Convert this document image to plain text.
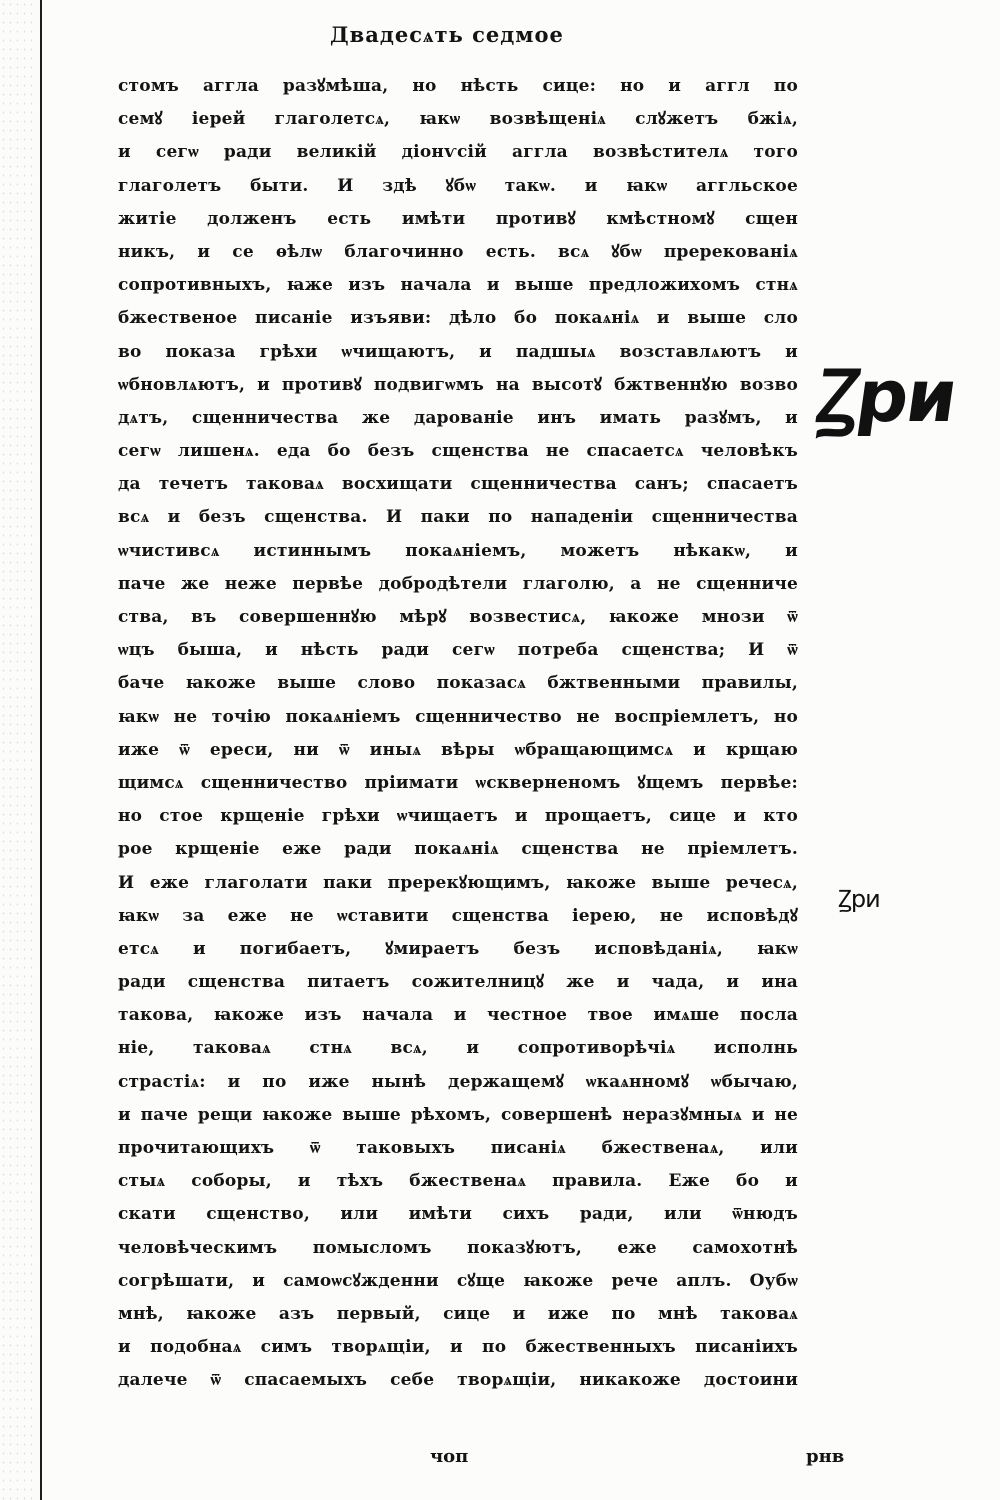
Двадесѧть седмое
стомъ аггла разꙋмѣша, но нѣсть сице: но и аггл по
семꙋ іерей глаголетсѧ, ꙗкѡ возвѣщеніѧ слꙋжетъ бжіѧ,
и сегѡ ради великій діонѵсій аггла возвѣстителѧ того
глаголетъ быти. И здѣ ꙋбѡ такѡ. и ꙗкѡ аггльское
житіе долженъ есть имѣти противꙋ кмѣстномꙋ сщен
никъ, и се ѳѣлѡ благочинно есть. всѧ ꙋбѡ пререкованіѧ
сопротивныхъ, ꙗже изъ начала и выше предложихомъ стнѧ
бжественое писаніе изъяви: дѣло бо покаѧніѧ и выше сло
во показа грѣхи ѡчищаютъ, и падшыѧ возставлѧютъ и
ѡбновлѧютъ, и противꙋ подвигѡмъ на высотꙋ бжтвеннꙋю возво
дѧтъ, сщенничества же дарованіе инъ имать разꙋмъ, и
сегѡ лишенѧ. еда бо безъ сщенства не спасаетсѧ человѣкъ
да течетъ таковаѧ восхищати сщенничества санъ; спасаетъ
всѧ и безъ сщенства. И паки по нападеніи сщенничества
ѡчистивсѧ истиннымъ покаѧніемъ, можетъ нѣкакѡ, и
паче же неже первѣе добродѣтели глаголю, а не сщенниче
ства, въ совершеннꙋю мѣрꙋ возвестисѧ, ꙗкоже мнози ѿ
ѡцъ быша, и нѣсть ради сегѡ потреба сщенства; И ѿ
баче ꙗкоже выше слово показасѧ бжтвенными правилы,
ꙗкѡ не точію покаѧніемъ сщенничество не воспріемлетъ, но
иже ѿ ереси, ни ѿ иныѧ вѣры ѡбращающимсѧ и крщаю
щимсѧ сщенничество пріимати ѡскверненомъ ꙋщемъ первѣе:
но стое крщеніе грѣхи ѡчищаетъ и прощаетъ, сице и кто
рое крщеніе еже ради покаѧніѧ сщенства не пріемлетъ.
И еже глаголати паки пререкꙋющимъ, ꙗкоже выше речесѧ,
ꙗкѡ за еже не ѡставити сщенства іерею, не исповѣдꙋ
етсѧ и погибаетъ, ꙋмираетъ безъ исповѣданіѧ, ꙗкѡ
ради сщенства питаетъ сожителницꙋ же и чада, и ина
такова, ꙗкоже изъ начала и честное твое имѧше посла
ніе, таковаѧ стнѧ всѧ, и сопротиворѣчіѧ исполнь
страстіѧ: и по иже нынѣ держащемꙋ ѡкаѧнномꙋ ѡбычаю,
и паче рещи ꙗкоже выше рѣхомъ, совершенѣ неразꙋмныѧ и не
прочитающихъ ѿ таковыхъ писаніѧ бжественаѧ, или
стыѧ соборы, и тѣхъ бжественаѧ правила. Еже бо и
скати сщенство, или имѣти сихъ ради, или ѿнюдъ
человѣческимъ помысломъ показꙋютъ, еже самохотнѣ
согрѣшати, и самоѡсꙋжденни сꙋще ꙗкоже рече аплъ. Оубѡ
мнѣ, ꙗкоже азъ первый, сице и иже по мнѣ таковаѧ
и подобнаѧ симъ творѧщіи, и по бжественныхъ писаніихъ
далече ѿ спасаемыхъ себе творѧщіи, никакоже достоини
Ꙁри
Ꙁри
чоп	рнв
